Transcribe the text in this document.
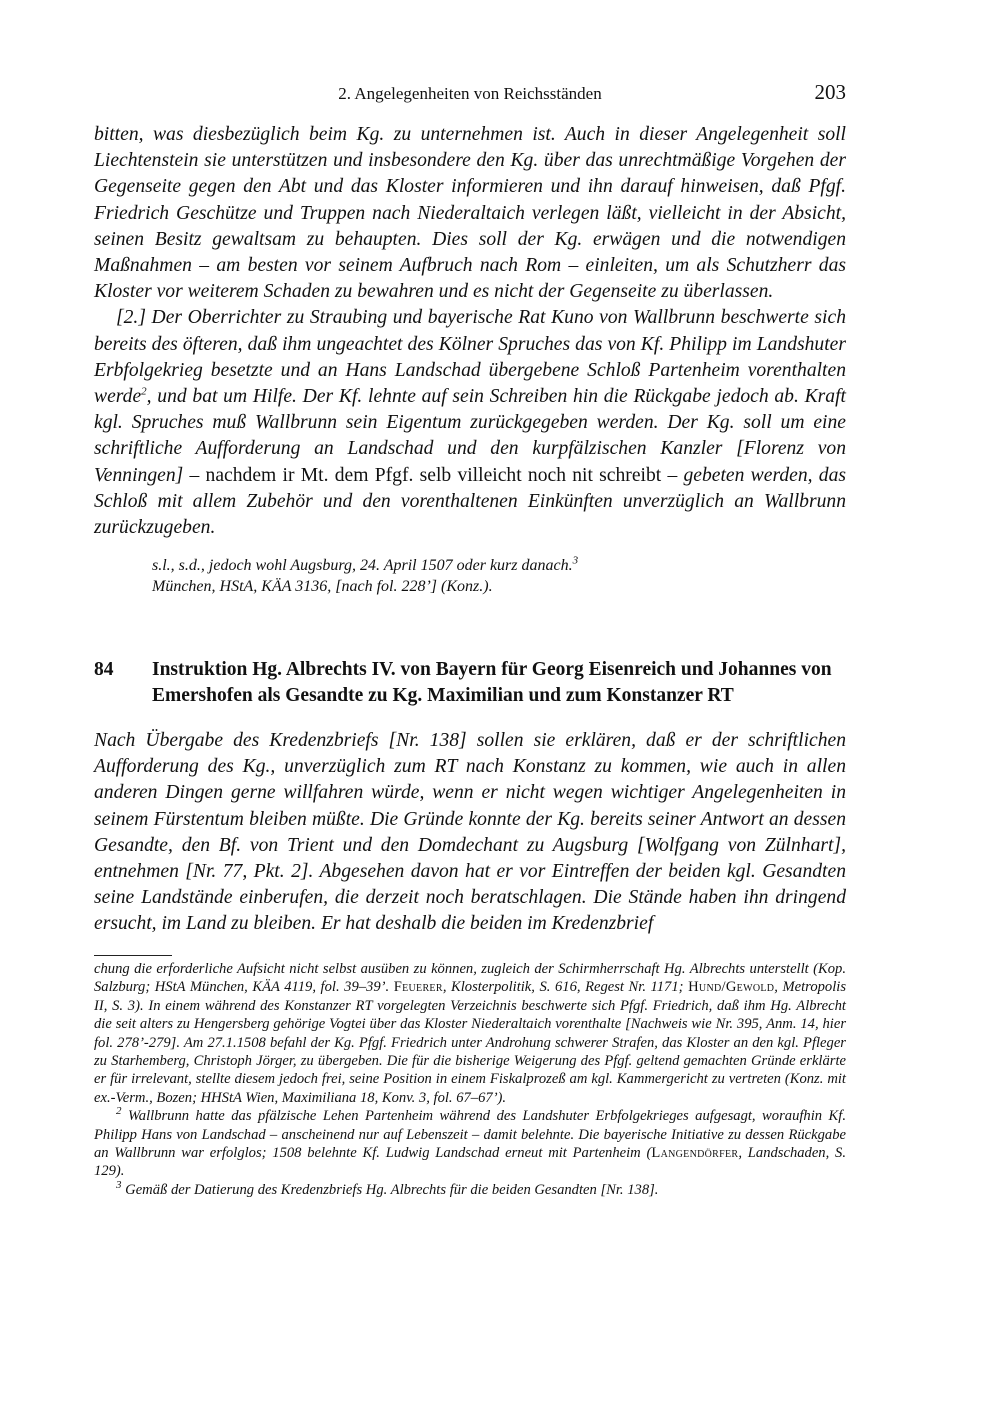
2. Angelegenheiten von Reichsständen	203

bitten, was diesbezüglich beim Kg. zu unternehmen ist. Auch in dieser Angelegenheit soll Liechtenstein sie unterstützen und insbesondere den Kg. über das unrechtmäßige Vorgehen der Gegenseite gegen den Abt und das Kloster informieren und ihn darauf hinweisen, daß Pfgf. Friedrich Geschütze und Truppen nach Niederaltaich verlegen läßt, vielleicht in der Absicht, seinen Besitz gewaltsam zu behaupten. Dies soll der Kg. erwägen und die notwendigen Maßnahmen – am besten vor seinem Aufbruch nach Rom – einleiten, um als Schutzherr das Kloster vor weiterem Schaden zu bewahren und es nicht der Gegenseite zu überlassen.

[2.] Der Oberrichter zu Straubing und bayerische Rat Kuno von Wallbrunn beschwerte sich bereits des öfteren, daß ihm ungeachtet des Kölner Spruches das von Kf. Philipp im Landshuter Erbfolgekrieg besetzte und an Hans Landschad übergebene Schloß Partenheim vorenthalten werde$^2$, und bat um Hilfe. Der Kf. lehnte auf sein Schreiben hin die Rückgabe jedoch ab. Kraft kgl. Spruches muß Wallbrunn sein Eigentum zurückgegeben werden. Der Kg. soll um eine schriftliche Aufforderung an Landschad und den kurpfälzischen Kanzler [Florenz von Venningen] – nachdem ir Mt. dem Pfgf. selb villeicht noch nit schreibt – gebeten werden, das Schloß mit allem Zubehör und den vorenthaltenen Einkünften unverzüglich an Wallbrunn zurückzugeben.

s.l., s.d., jedoch wohl Augsburg, 24. April 1507 oder kurz danach.$^3$

München, HStA, KÄA 3136, [nach fol. 228’] (Konz.).

84 Instruktion Hg. Albrechts IV. von Bayern für Georg Eisenreich und Johannes von Emershofen als Gesandte zu Kg. Maximilian und zum Konstanzer RT

Nach Übergabe des Kredenzbriefs [Nr. 138] sollen sie erklären, daß er der schriftlichen Aufforderung des Kg., unverzüglich zum RT nach Konstanz zu kommen, wie auch in allen anderen Dingen gerne willfahren würde, wenn er nicht wegen wichtiger Angelegenheiten in seinem Fürstentum bleiben müßte. Die Gründe konnte der Kg. bereits seiner Antwort an dessen Gesandte, den Bf. von Trient und den Domdechant zu Augsburg [Wolfgang von Zülnhart], entnehmen [Nr. 77, Pkt. 2]. Abgesehen davon hat er vor Eintreffen der beiden kgl. Gesandten seine Landstände einberufen, die derzeit noch beratschlagen. Die Stände haben ihn dringend ersucht, im Land zu bleiben. Er hat deshalb die beiden im Kredenzbrief

chung die erforderliche Aufsicht nicht selbst ausüben zu können, zugleich der Schirmherrschaft Hg. Albrechts unterstellt (Kop. Salzburg; HStA München, KÄA 4119, fol. 39–39’. Feuerer, Klosterpolitik, S. 616, Regest Nr. 1171; Hund/Gewold, Metropolis II, S. 3). In einem während des Konstanzer RT vorgelegten Verzeichnis beschwerte sich Pfgf. Friedrich, daß ihm Hg. Albrecht die seit alters zu Hengersberg gehörige Vogtei über das Kloster Niederaltaich vorenthalte [Nachweis wie Nr. 395, Anm. 14, hier fol. 278’-279]. Am 27.1.1508 befahl der Kg. Pfgf. Friedrich unter Androhung schwerer Strafen, das Kloster an den kgl. Pfleger zu Starhemberg, Christoph Jörger, zu übergeben. Die für die bisherige Weigerung des Pfgf. geltend gemachten Gründe erklärte er für irrelevant, stellte diesem jedoch frei, seine Position in einem Fiskalprozeß am kgl. Kammergericht zu vertreten (Konz. mit ex.-Verm., Bozen; HHStA Wien, Maximiliana 18, Konv. 3, fol. 67–67’).

$^2$ Wallbrunn hatte das pfälzische Lehen Partenheim während des Landshuter Erbfolgekrieges aufgesagt, woraufhin Kf. Philipp Hans von Landschad – anscheinend nur auf Lebenszeit – damit belehnte. Die bayerische Initiative zu dessen Rückgabe an Wallbrunn war erfolglos; 1508 belehnte Kf. Ludwig Landschad erneut mit Partenheim (Langendörfer, Landschaden, S. 129).

$^3$ Gemäß der Datierung des Kredenzbriefs Hg. Albrechts für die beiden Gesandten [Nr. 138].
